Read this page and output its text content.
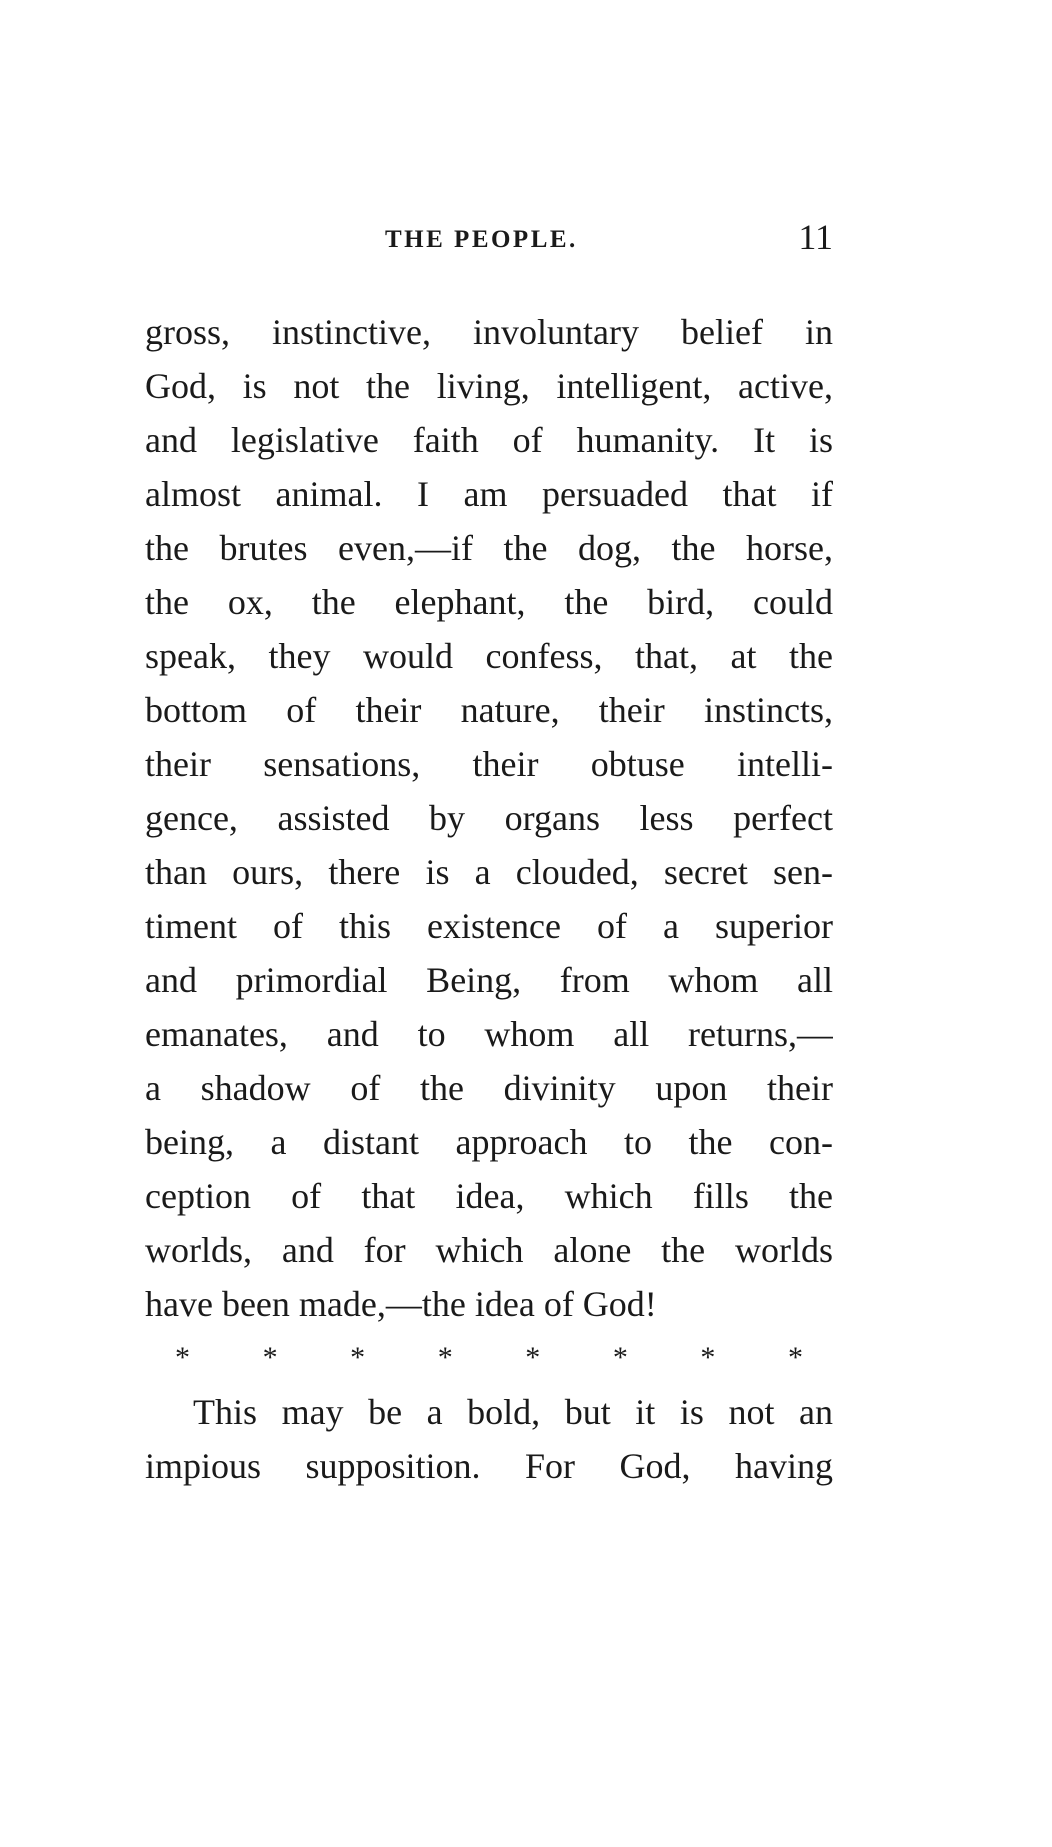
THE PEOPLE.	11
gross, instinctive, involuntary belief in
God, is not the living, intelligent, active,
and legislative faith of humanity. It is
almost animal. I am persuaded that if
the brutes even,—if the dog, the horse,
the ox, the elephant, the bird, could
speak, they would confess, that, at the
bottom of their nature, their instincts,
their sensations, their obtuse intelli-
gence, assisted by organs less perfect
than ours, there is a clouded, secret sen-
timent of this existence of a superior
and primordial Being, from whom all
emanates, and to whom all returns,—
a shadow of the divinity upon their
being, a distant approach to the con-
ception of that idea, which fills the
worlds, and for which alone the worlds
have been made,—the idea of God!
* * * * * * * *
This may be a bold, but it is not an
impious supposition. For God, having
